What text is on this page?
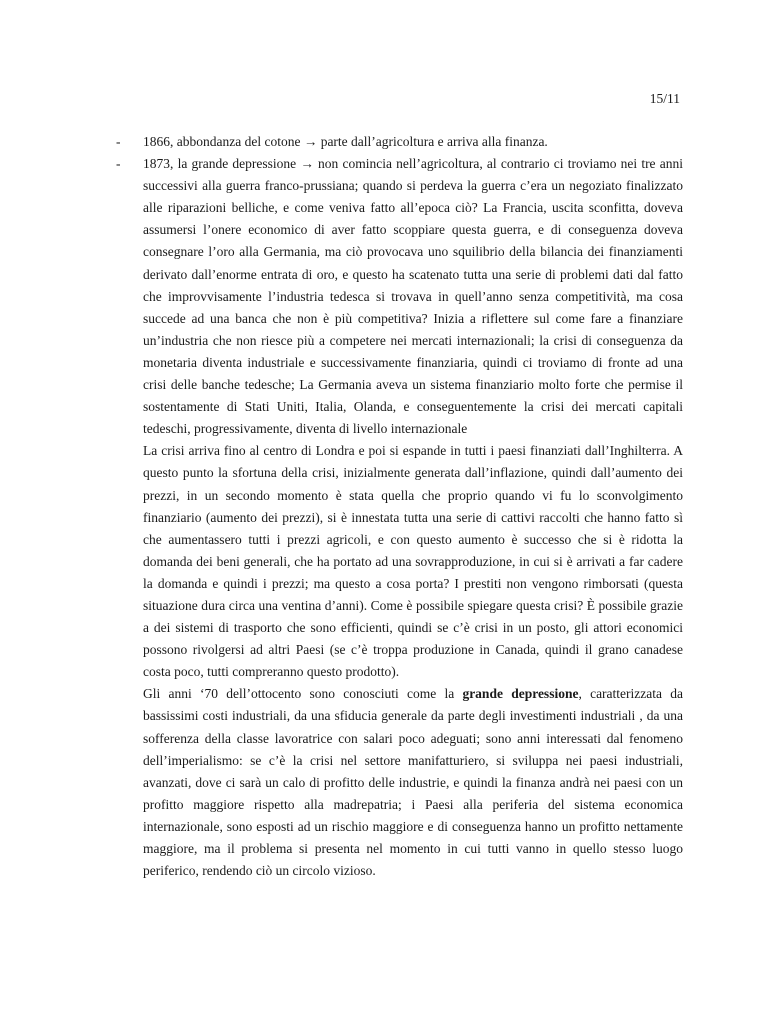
15/11

- 1866, abbondanza del cotone → parte dall’agricoltura e arriva alla finanza.

- 1873, la grande depressione → non comincia nell’agricoltura, al contrario ci troviamo nei tre anni successivi alla guerra franco-prussiana; quando si perdeva la guerra c’era un negoziato finalizzato alle riparazioni belliche, e come veniva fatto all’epoca ciò? La Francia, uscita sconfitta, doveva assumersi l’onere economico di aver fatto scoppiare questa guerra, e di conseguenza doveva consegnare l’oro alla Germania, ma ciò provocava uno squilibrio della bilancia dei finanziamenti derivato dall’enorme entrata di oro, e questo ha scatenato tutta una serie di problemi dati dal fatto che improvvisamente l’industria tedesca si trovava in quell’anno senza competitività, ma cosa succede ad una banca che non è più competitiva? Inizia a riflettere sul come fare a finanziare un’industria che non riesce più a competere nei mercati internazionali; la crisi di conseguenza da monetaria diventa industriale e successivamente finanziaria, quindi ci troviamo di fronte ad una crisi delle banche tedesche; La Germania aveva un sistema finanziario molto forte che permise il sostentamente di Stati Uniti, Italia, Olanda, e conseguentemente la crisi dei mercati capitali tedeschi, progressivamente, diventa di livello internazionale

La crisi arriva fino al centro di Londra e poi si espande in tutti i paesi finanziati dall’Inghilterra. A questo punto la sfortuna della crisi, inizialmente generata dall’inflazione, quindi dall’aumento dei prezzi, in un secondo momento è stata quella che proprio quando vi fu lo sconvolgimento finanziario (aumento dei prezzi), si è innestata tutta una serie di cattivi raccolti che hanno fatto sì che aumentassero tutti i prezzi agricoli, e con questo aumento è successo che si è ridotta la domanda dei beni generali, che ha portato ad una sovrapproduzione, in cui si è arrivati a far cadere la domanda e quindi i prezzi; ma questo a cosa porta? I prestiti non vengono rimborsati (questa situazione dura circa una ventina d’anni). Come è possibile spiegare questa crisi? È possibile grazie a dei sistemi di trasporto che sono efficienti, quindi se c’è crisi in un posto, gli attori economici possono rivolgersi ad altri Paesi (se c’è troppa produzione in Canada, quindi il grano canadese costa poco, tutti compreranno questo prodotto).

Gli anni ‘70 dell’ottocento sono conosciuti come la grande depressione, caratterizzata da bassissimi costi industriali, da una sfiducia generale da parte degli investimenti industriali , da una sofferenza della classe lavoratrice con salari poco adeguati; sono anni interessati dal fenomeno dell’imperialismo: se c’è la crisi nel settore manifatturiero, si sviluppa nei paesi industriali, avanzati, dove ci sarà un calo di profitto delle industrie, e quindi la finanza andrà nei paesi con un profitto maggiore rispetto alla madrepatria; i Paesi alla periferia del sistema economica internazionale, sono esposti ad un rischio maggiore e di conseguenza hanno un profitto nettamente maggiore, ma il problema si presenta nel momento in cui tutti vanno in quello stesso luogo periferico, rendendo ciò un circolo vizioso.
